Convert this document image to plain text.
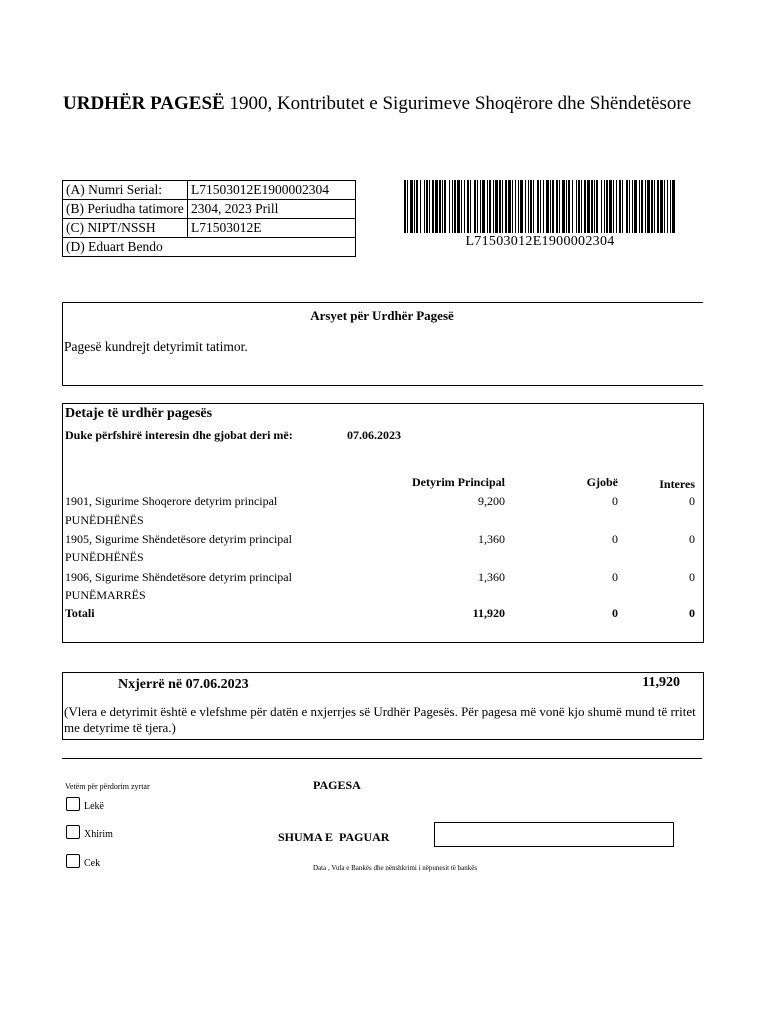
URDHËR PAGESË 1900, Kontributet e Sigurimeve Shoqërore dhe Shëndetësore
(A) Numri Serial:	L71503012E1900002304
(B) Periudha tatimore	2304, 2023 Prill
(C) NIPT/NSSH	L71503012E
(D) Eduart Bendo		L71503012E1900002304
Arsyet për Urdhër Pagesë
Pagesë kundrejt detyrimit tatimor.
Detaje të urdhër pagesës
Duke përfshirë interesin dhe gjobat deri më:	07.06.2023
Detyrim Principal	Gjobë	Interes
1901, Sigurime Shoqerore detyrim principal
PUNËDHËNËS
9,200	0	0
1905, Sigurime Shëndetësore detyrim principal
PUNËDHËNËS
1,360	0	0
1906, Sigurime Shëndetësore detyrim principal
PUNËMARRËS
1,360	0	0
Totali	11,920	0	0
Nxjerrë në 07.06.2023	11,920
(Vlera e detyrimit është e vlefshme për datën e nxjerrjes së Urdhër Pagesës. Për pagesa më vonë kjo shumë mund të rritet me detyrime të tjera.)
Vetëm për përdorim zyrtar	PAGESA
Lekë
Xhirim
Cek
SHUMA E  PAGUAR
Data , Vula e Bankës dhe nënshkrimi i nëpunesit të bankës
